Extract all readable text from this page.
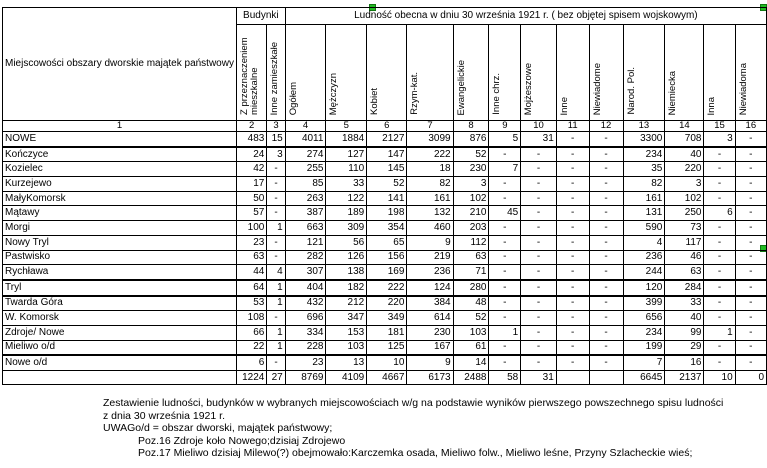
Miejscowości obszary dworskie majątek państwowy	Budynki		Ludność obecna w dniu 30 września 1921 r. ( bez objętej spisem wojskowym)												
	Z przeznaczeniem mieszkalne	Inne zamieszkałe	Ogółem	Mężczyzn	Kobiet	Rzym-kat.	Ewangelickie	Inne chrz.	Mojżeszowe	Inne	Niewiadome	Narod. Pol.	Niemiecka	Inna	Niewiadoma
1	2	3	4	5	6	7	8	9	10	11	12	13	14	15	16
NOWE	483	15	4011	1884	2127	3099	876	5	31	-	-	3300	708	3	-
Kończyce	24	3	274	127	147	222	52	-	-	-	-	234	40	-	-
Kozielec	42	-	255	110	145	18	230	7	-	-	-	35	220	-	-
Kurzejewo	17	-	85	33	52	82	3	-	-	-	-	82	3	-	-
MałyKomorsk	50	-	263	122	141	161	102	-	-	-	-	161	102	-	-
Mątawy	57	-	387	189	198	132	210	45	-	-	-	131	250	6	-
Morgi	100	1	663	309	354	460	203	-	-	-	-	590	73	-	-
Nowy Tryl	23	-	121	56	65	9	112	-	-	-	-	4	117	-	-
Pastwisko	63	-	282	126	156	219	63	-	-	-	-	236	46	-	-
Rychława	44	4	307	138	169	236	71	-	-	-	-	244	63	-	-
Tryl	64	1	404	182	222	124	280	-	-	-	-	120	284	-	-
Twarda Góra	53	1	432	212	220	384	48	-	-	-	-	399	33	-	-
W. Komorsk	108	-	696	347	349	614	52	-	-	-	-	656	40	-	-
Zdroje/ Nowe	66	1	334	153	181	230	103	1	-	-	-	234	99	1	-
Mieliwo o/d	22	1	228	103	125	167	61	-	-	-	-	199	29	-	-
Nowe o/d	6	-	23	13	10	9	14	-	-	-	-	7	16	-	-
	1224	27	8769	4109	4667	6173	2488	58	31			6645	2137	10	0
Zestawienie ludności, budynków w wybranych miejscowościach w/g na podstawie wyników pierwszego powszechnego spisu ludności
z dnia 30 września 1921 r.
UWAGo/d = obszar dworski, majątek państwowy;
Poz.16 Zdroje koło Nowego;dzisiaj Zdrojewo
Poz.17 Mieliwo dzisiaj Milewo(?) obejmowało:Karczemka osada, Mieliwo folw., Mieliwo leśne, Przyny Szlacheckie wieś;
